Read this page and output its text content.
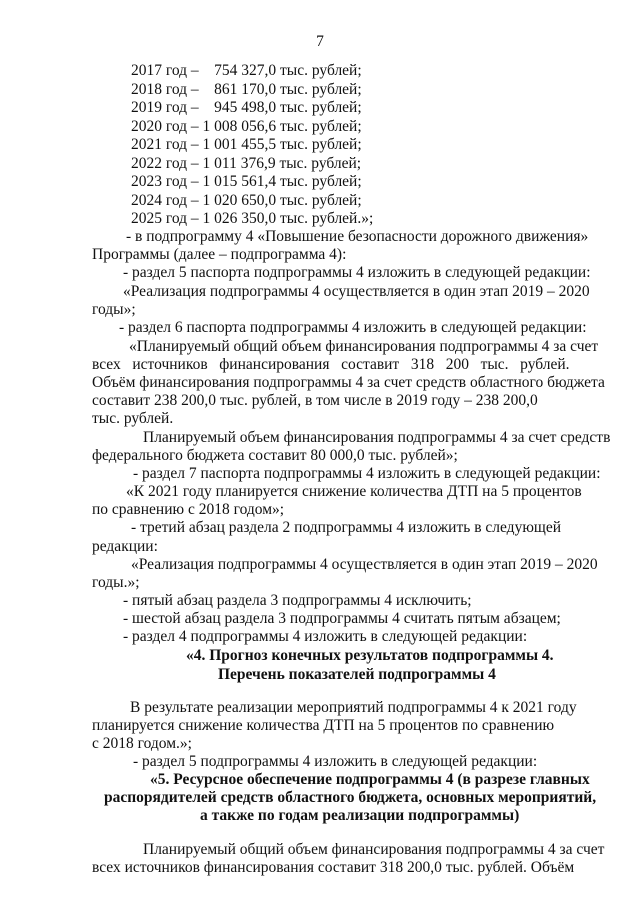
7
2017 год –    754 327,0 тыс. рублей;
2018 год –    861 170,0 тыс. рублей;
2019 год –    945 498,0 тыс. рублей;
2020 год – 1 008 056,6 тыс. рублей;
2021 год – 1 001 455,5 тыс. рублей;
2022 год – 1 011 376,9 тыс. рублей;
2023 год – 1 015 561,4 тыс. рублей;
2024 год – 1 020 650,0 тыс. рублей;
2025 год – 1 026 350,0 тыс. рублей.»;
- в подпрограмму 4 «Повышение безопасности дорожного движения»
Программы (далее – подпрограмма 4):
- раздел 5 паспорта подпрограммы 4 изложить в следующей редакции:
«Реализация подпрограммы 4 осуществляется в один этап 2019 – 2020
годы»;
- раздел 6 паспорта подпрограммы 4 изложить в следующей редакции:
«Планируемый общий объем финансирования подпрограммы 4 за счет
всех   источников   финансирования   составит   318   200   тыс.   рублей.
Объём финансирования подпрограммы 4 за счет средств областного бюджета
составит 238 200,0 тыс. рублей, в том числе в 2019 году – 238 200,0
тыс. рублей.
Планируемый объем финансирования подпрограммы 4 за счет средств
федерального бюджета составит 80 000,0 тыс. рублей»;
- раздел 7 паспорта подпрограммы 4 изложить в следующей редакции:
«К 2021 году планируется снижение количества ДТП на 5 процентов
по сравнению с 2018 годом»;
- третий абзац раздела 2 подпрограммы 4 изложить в следующей
редакции:
«Реализация подпрограммы 4 осуществляется в один этап 2019 – 2020
годы.»;
- пятый абзац раздела 3 подпрограммы 4 исключить;
- шестой абзац раздела 3 подпрограммы 4 считать пятым абзацем;
- раздел 4 подпрограммы 4 изложить в следующей редакции:
«4. Прогноз конечных результатов подпрограммы 4.
Перечень показателей подпрограммы 4
В результате реализации мероприятий подпрограммы 4 к 2021 году
планируется снижение количества ДТП на 5 процентов по сравнению
с 2018 годом.»;
- раздел 5 подпрограммы 4 изложить в следующей редакции:
«5. Ресурсное обеспечение подпрограммы 4 (в разрезе главных
распорядителей средств областного бюджета, основных мероприятий,
а также по годам реализации подпрограммы)
Планируемый общий объем финансирования подпрограммы 4 за счет
всех источников финансирования составит 318 200,0 тыс. рублей. Объём
